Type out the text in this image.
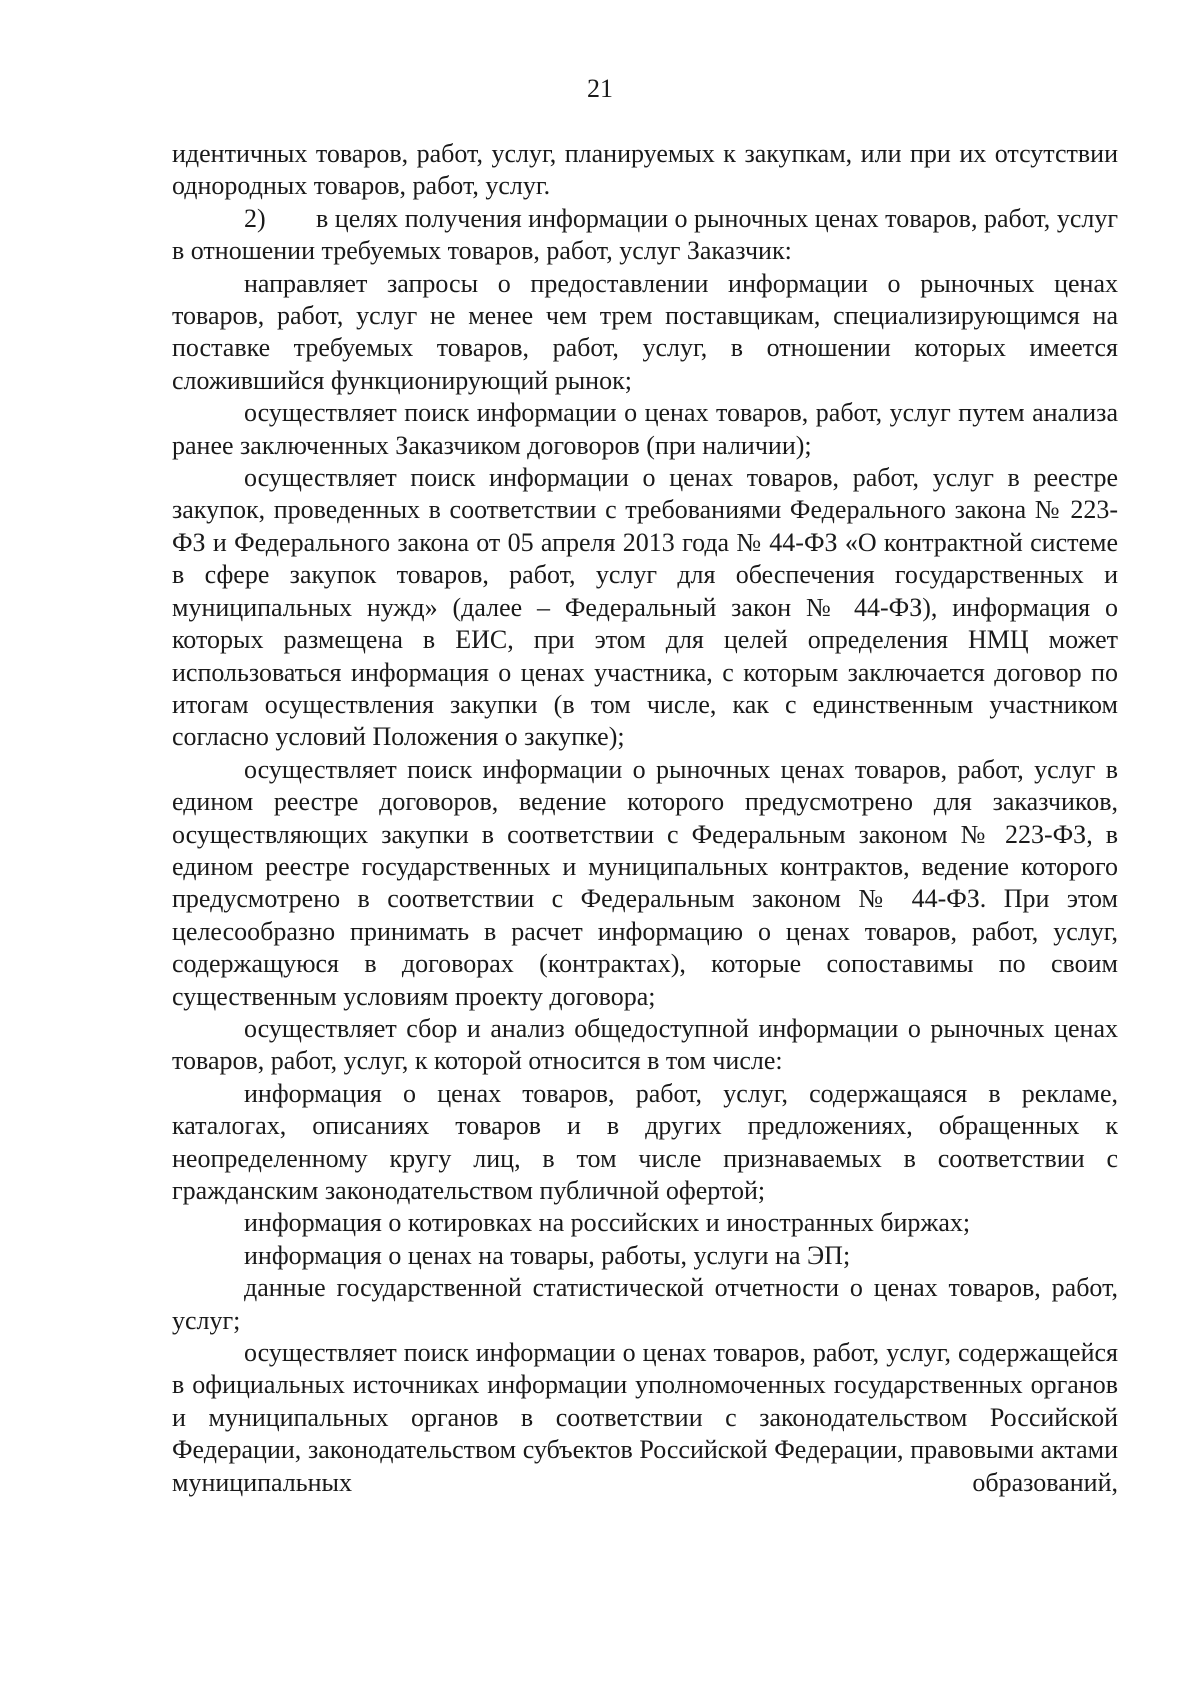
21

идентичных товаров, работ, услуг, планируемых к закупкам, или при их отсутствии однородных товаров, работ, услуг.

2) в целях получения информации о рыночных ценах товаров, работ, услуг в отношении требуемых товаров, работ, услуг Заказчик:

направляет запросы о предоставлении информации о рыночных ценах товаров, работ, услуг не менее чем трем поставщикам, специализирующимся на поставке требуемых товаров, работ, услуг, в отношении которых имеется сложившийся функционирующий рынок;

осуществляет поиск информации о ценах товаров, работ, услуг путем анализа ранее заключенных Заказчиком договоров (при наличии);

осуществляет поиск информации о ценах товаров, работ, услуг в реестре закупок, проведенных в соответствии с требованиями Федерального закона № 223-ФЗ и Федерального закона от 05 апреля 2013 года № 44-ФЗ «О контрактной системе в сфере закупок товаров, работ, услуг для обеспечения государственных и муниципальных нужд» (далее – Федеральный закон № 44-ФЗ), информация о которых размещена в ЕИС, при этом для целей определения НМЦ может использоваться информация о ценах участника, с которым заключается договор по итогам осуществления закупки (в том числе, как с единственным участником согласно условий Положения о закупке);

осуществляет поиск информации о рыночных ценах товаров, работ, услуг в едином реестре договоров, ведение которого предусмотрено для заказчиков, осуществляющих закупки в соответствии с Федеральным законом № 223-ФЗ, в едином реестре государственных и муниципальных контрактов, ведение которого предусмотрено в соответствии с Федеральным законом № 44-ФЗ. При этом целесообразно принимать в расчет информацию о ценах товаров, работ, услуг, содержащуюся в договорах (контрактах), которые сопоставимы по своим существенным условиям проекту договора;

осуществляет сбор и анализ общедоступной информации о рыночных ценах товаров, работ, услуг, к которой относится в том числе:

информация о ценах товаров, работ, услуг, содержащаяся в рекламе, каталогах, описаниях товаров и в других предложениях, обращенных к неопределенному кругу лиц, в том числе признаваемых в соответствии с гражданским законодательством публичной офертой;

информация о котировках на российских и иностранных биржах;

информация о ценах на товары, работы, услуги на ЭП;

данные государственной статистической отчетности о ценах товаров, работ, услуг;

осуществляет поиск информации о ценах товаров, работ, услуг, содержащейся в официальных источниках информации уполномоченных государственных органов и муниципальных органов в соответствии с законодательством Российской Федерации, законодательством субъектов Российской Федерации, правовыми актами муниципальных образований,
